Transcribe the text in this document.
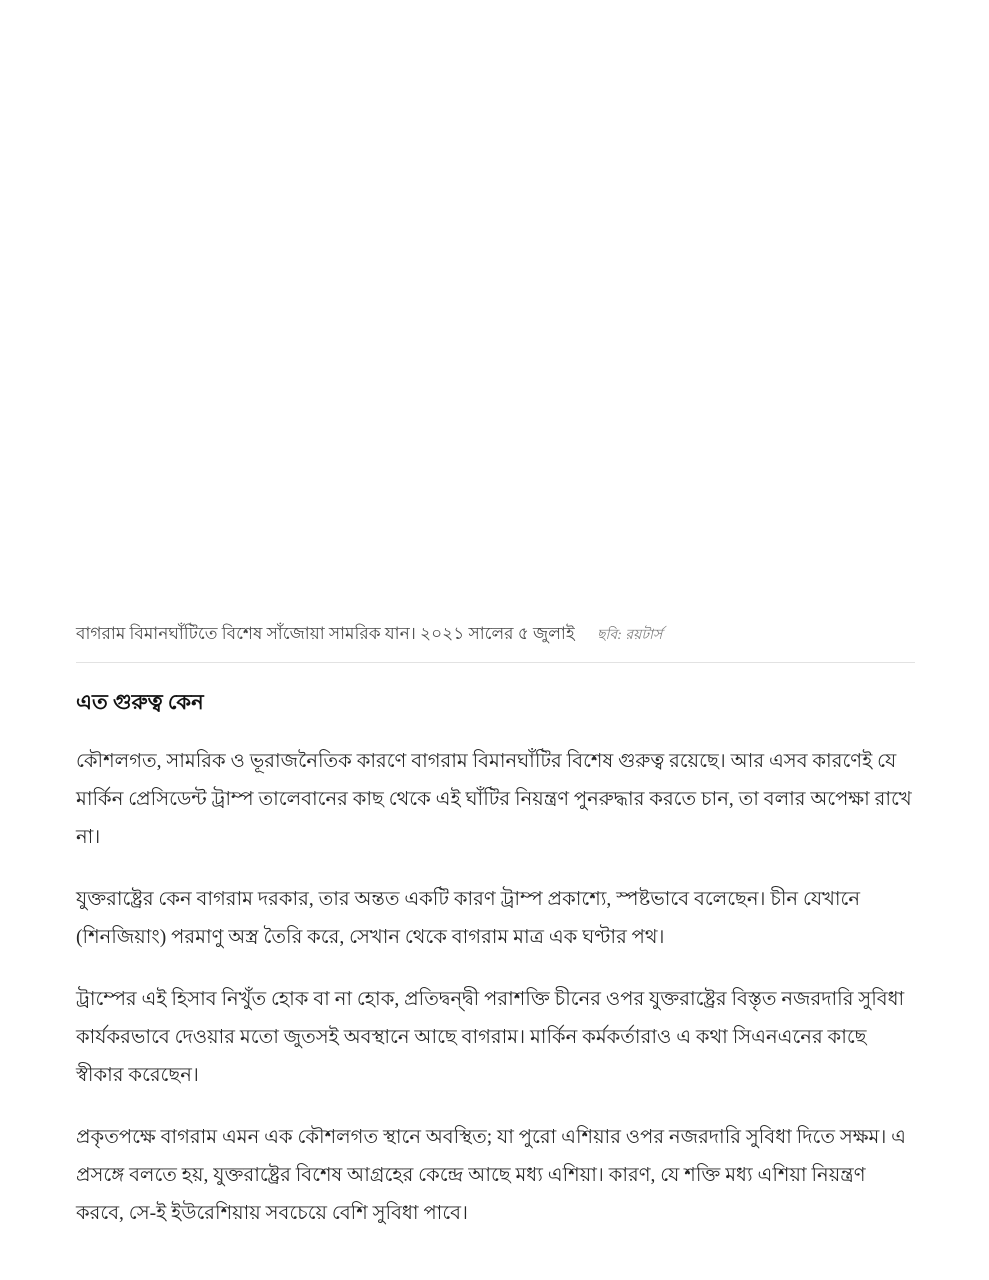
বাগরাম বিমানঘাঁটিতে বিশেষ সাঁজোয়া সামরিক যান। ২০২১ সালের ৫ জুলাই ছবি: রয়টার্স
এত গুরুত্ব কেন

কৌশলগত, সামরিক ও ভূরাজনৈতিক কারণে বাগরাম বিমানঘাঁটির বিশেষ গুরুত্ব রয়েছে। আর এসব কারণেই যে মার্কিন প্রেসিডেন্ট ট্রাম্প তালেবানের কাছ থেকে এই ঘাঁটির নিয়ন্ত্রণ পুনরুদ্ধার করতে চান, তা বলার অপেক্ষা রাখে না।

যুক্তরাষ্ট্রের কেন বাগরাম দরকার, তার অন্তত একটি কারণ ট্রাম্প প্রকাশ্যে, স্পষ্টভাবে বলেছেন। চীন যেখানে (শিনজিয়াং) পরমাণু অস্ত্র তৈরি করে, সেখান থেকে বাগরাম মাত্র এক ঘণ্টার পথ।

ট্রাম্পের এই হিসাব নিখুঁত হোক বা না হোক, প্রতিদ্বন্দ্বী পরাশক্তি চীনের ওপর যুক্তরাষ্ট্রের বিস্তৃত নজরদারি সুবিধা কার্যকরভাবে দেওয়ার মতো জুতসই অবস্থানে আছে বাগরাম। মার্কিন কর্মকর্তারাও এ কথা সিএনএনের কাছে স্বীকার করেছেন।

প্রকৃতপক্ষে বাগরাম এমন এক কৌশলগত স্থানে অবস্থিত; যা পুরো এশিয়ার ওপর নজরদারি সুবিধা দিতে সক্ষম। এ প্রসঙ্গে বলতে হয়, যুক্তরাষ্ট্রের বিশেষ আগ্রহের কেন্দ্রে আছে মধ্য এশিয়া। কারণ, যে শক্তি মধ্য এশিয়া নিয়ন্ত্রণ করবে, সে-ই ইউরেশিয়ায় সবচেয়ে বেশি সুবিধা পাবে।
